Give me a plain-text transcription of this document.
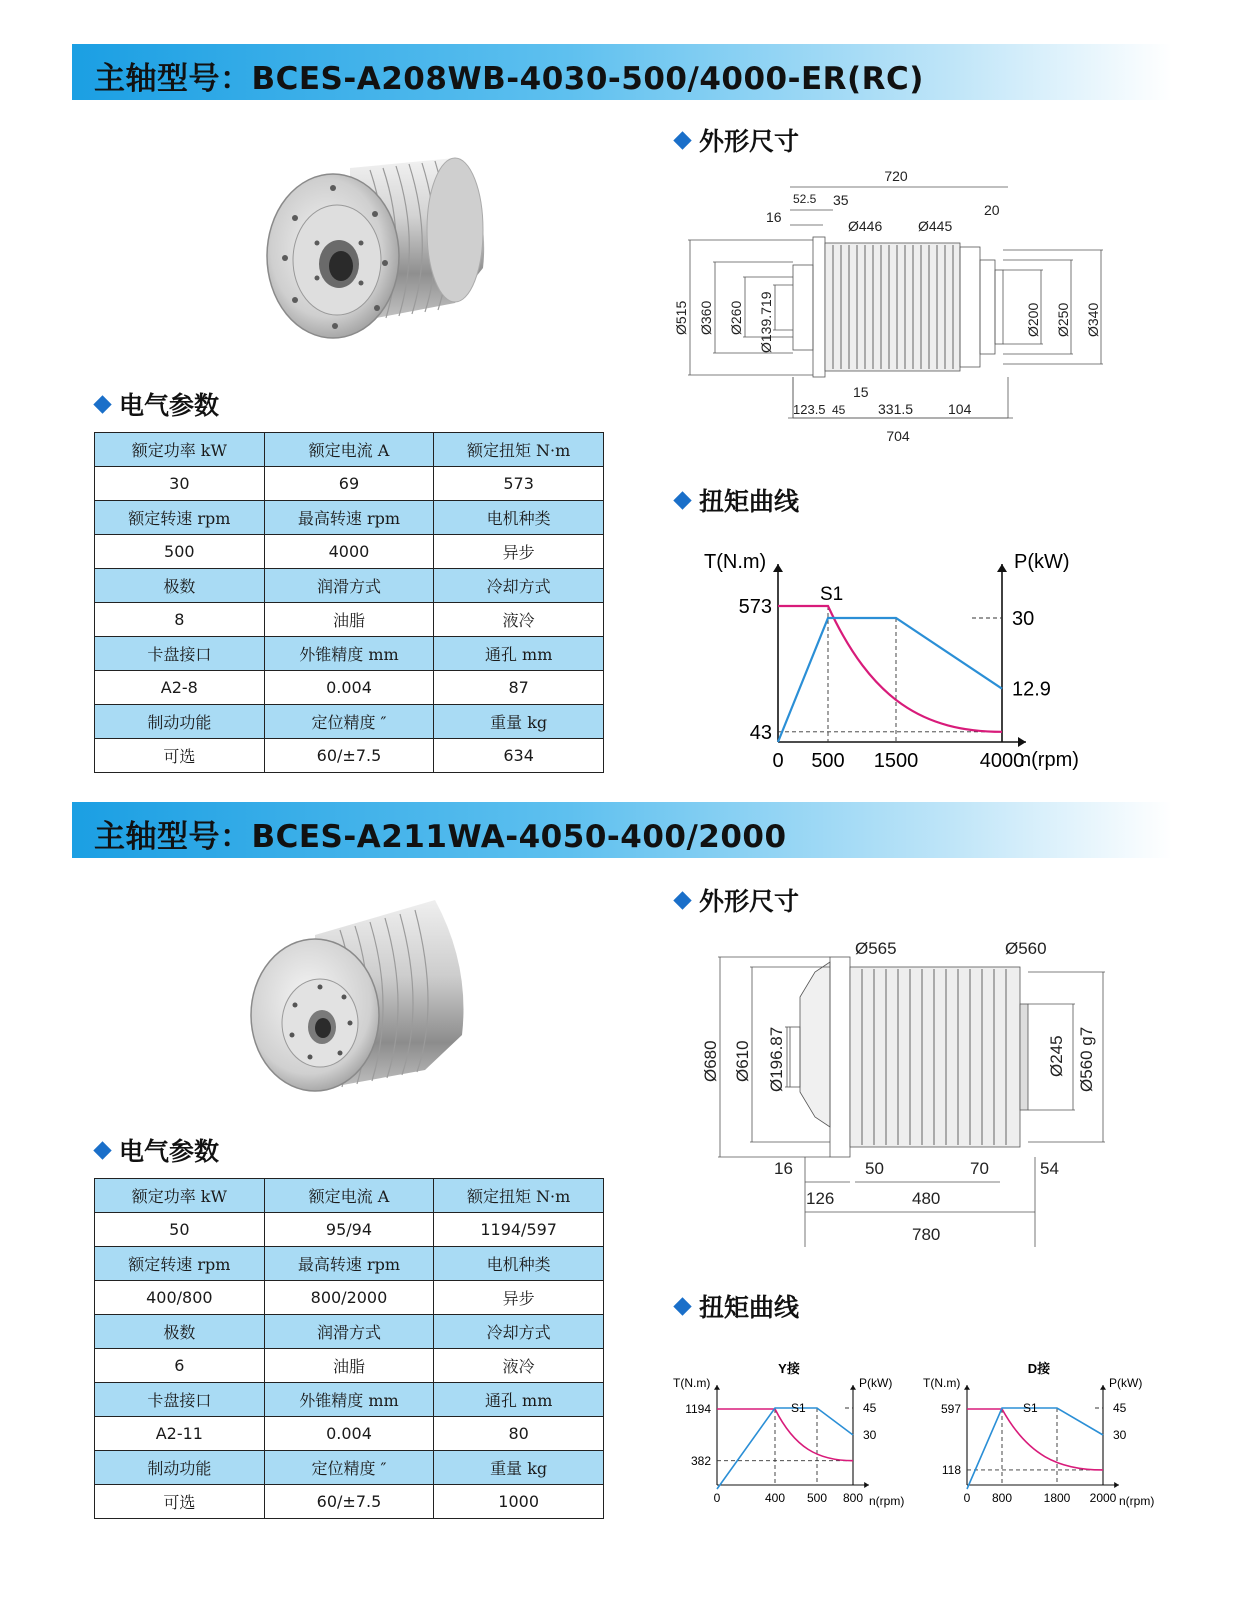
主轴型号：BCES-A208WB-4030-500/4000-ER(RC)
外形尺寸
720
52.5 35
16
Ø446	Ø445
20
Ø515 Ø360 Ø260 Ø139.719	Ø200 Ø250 Ø340
15
123.5 45 331.5 104
704
电气参数
额定功率 kW	额定电流 A	额定扭矩 N·m
30	69	573
额定转速 rpm	最高转速 rpm	电机种类
500	4000	异步
极数	润滑方式	冷却方式
8	油脂	液冷
卡盘接口	外锥精度 mm	通孔 mm
A2-8	0.004	87
制动功能	定位精度 ″	重量 kg
可选	60/±7.5	634
扭矩曲线
T(N.m)	P(kW)
n(rpm)
S1
0 500 1500	4000
573
43
30
12.9
主轴型号：BCES-A211WA-4050-400/2000
外形尺寸
Ø565	Ø560
Ø680 Ø610 Ø196.87	Ø245 Ø560 g7
16	50	70	54
126	480
780
电气参数
额定功率 kW	额定电流 A	额定扭矩 N·m
50	95/94	1194/597
额定转速 rpm	最高转速 rpm	电机种类
400/800	800/2000	异步
极数	润滑方式	冷却方式
6	油脂	液冷
卡盘接口	外锥精度 mm	通孔 mm
A2-11	0.004	80
制动功能	定位精度 ″	重量 kg
可选	60/±7.5	1000
扭矩曲线
T(N.m)	P(kW)
n(rpm)
Y接
S1
0	400 500 800
1194
382
45
30
T(N.m)	P(kW)
n(rpm)
D接
S1
0 800	1800 2000
597
118
45
30
